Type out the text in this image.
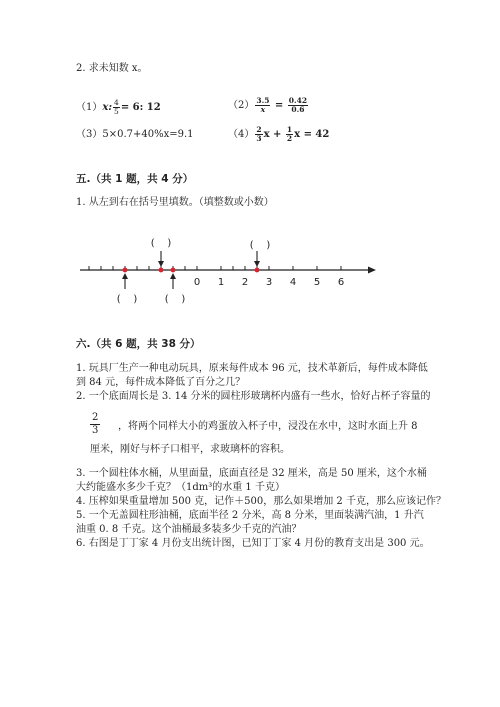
2. 求未知数 x。
（1）x: $\frac{4}{5} = 6$: 12	$(2) \frac{3.5}{x} = \frac{0.42}{0.6}$
（3）5×0.7+40%x=9.1	$(4) \frac{2}{3}$ $x + \frac{1}{2}$ x = 42
五.（共 1 题，共 4 分）
1. 从左到右在括号里填数。（填整数或小数）
0 1 2 3 4 5 6
(    )	(    )
(    )	(    )
六.（共 6 题，共 38 分）
1. 玩具厂生产一种电动玩具，原来每件成本 96 元，技术革新后，每件成本降低
到 84 元，每件成本降低了百分之几？
2. 一个底面周长是 3. 14 分米的圆柱形玻璃杯内盛有一些水，恰好占杯子容量的
$\frac{2}{3}$ ，将两个同样大小的鸡蛋放入杯子中，浸没在水中，这时水面上升 8
厘米，刚好与杯子口相平，求玻璃杯的容积。
3. 一个圆柱体水桶，从里面量，底面直径是 32 厘米，高是 50 厘米，这个水桶
大约能盛水多少千克？（1dm³的水重 1 千克）
4. 压榨如果重量增加 500 克，记作＋500，那么如果增加 2 千克，那么应该记作？
5. 一个无盖圆柱形油桶，底面半径 2 分米，高 8 分米，里面装满汽油，1 升汽
油重 0. 8 千克。这个油桶最多装多少千克的汽油？
6. 右图是丁丁家 4 月份支出统计图，已知丁丁家 4 月份的教育支出是 300 元。
